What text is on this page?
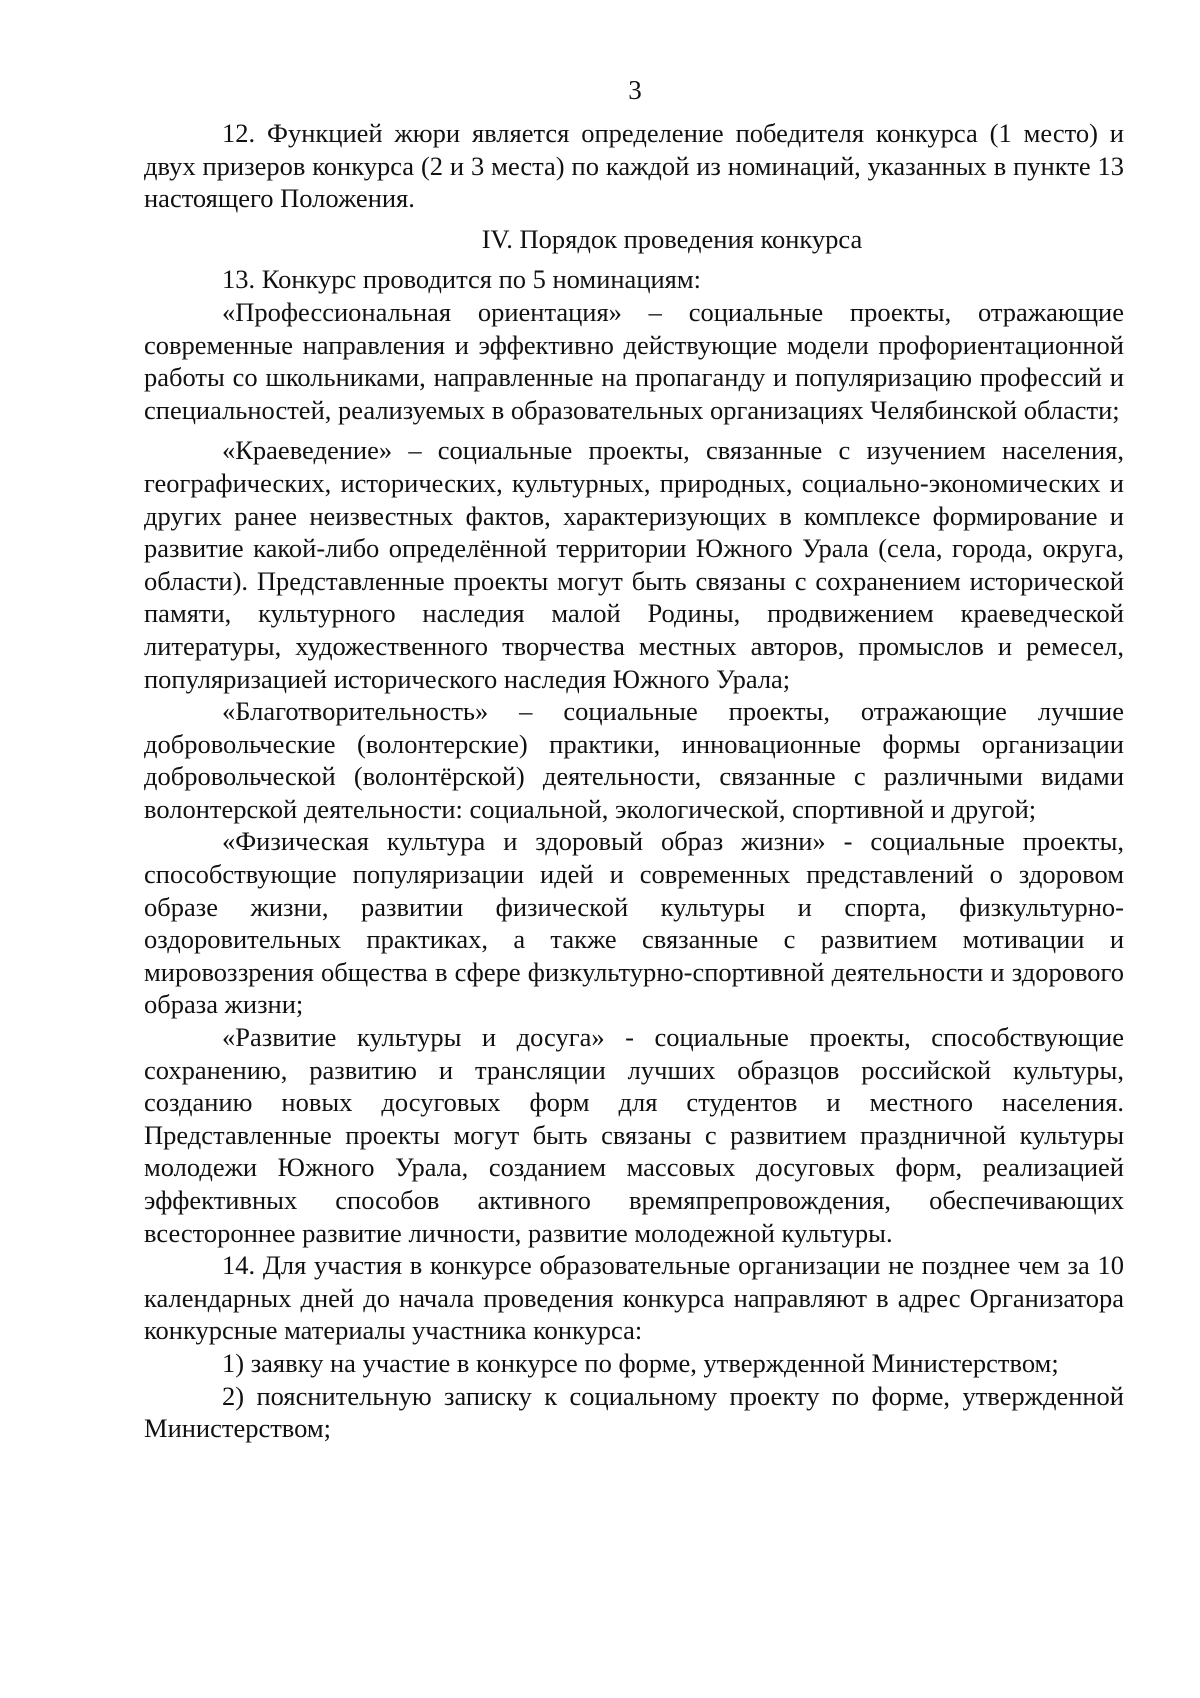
3

12. Функцией жюри является определение победителя конкурса (1 место) и двух призеров конкурса (2 и 3 места) по каждой из номинаций, указанных в пункте 13 настоящего Положения.

IV. Порядок проведения конкурса

13. Конкурс проводится по 5 номинациям:

«Профессиональная ориентация» – социальные проекты, отражающие современные направления и эффективно действующие модели профориентационной работы со школьниками, направленные на пропаганду и популяризацию профессий и специальностей, реализуемых в образовательных организациях Челябинской области;

«Краеведение» – социальные проекты, связанные с изучением населения, географических, исторических, культурных, природных, социально-экономических и других ранее неизвестных фактов, характеризующих в комплексе формирование и развитие какой-либо определённой территории Южного Урала (села, города, округа, области). Представленные проекты могут быть связаны с сохранением исторической памяти, культурного наследия малой Родины, продвижением краеведческой литературы, художественного творчества местных авторов, промыслов и ремесел, популяризацией исторического наследия Южного Урала;

«Благотворительность» – социальные проекты, отражающие лучшие добровольческие (волонтерские) практики, инновационные формы организации добровольческой (волонтёрской) деятельности, связанные с различными видами волонтерской деятельности: социальной, экологической, спортивной и другой;

«Физическая культура и здоровый образ жизни» - социальные проекты, способствующие популяризации идей и современных представлений о здоровом образе жизни, развитии физической культуры и спорта, физкультурно-оздоровительных практиках, а также связанные с развитием мотивации и мировоззрения общества в сфере физкультурно-спортивной деятельности и здорового образа жизни;

«Развитие культуры и досуга» - социальные проекты, способствующие сохранению, развитию и трансляции лучших образцов российской культуры, созданию новых досуговых форм для студентов и местного населения. Представленные проекты могут быть связаны с развитием праздничной культуры молодежи Южного Урала, созданием массовых досуговых форм, реализацией эффективных способов активного времяпрепровождения, обеспечивающих всестороннее развитие личности, развитие молодежной культуры.

14. Для участия в конкурсе образовательные организации не позднее чем за 10 календарных дней до начала проведения конкурса направляют в адрес Организатора конкурсные материалы участника конкурса:

1) заявку на участие в конкурсе по форме, утвержденной Министерством;

2) пояснительную записку к социальному проекту по форме, утвержденной Министерством;
